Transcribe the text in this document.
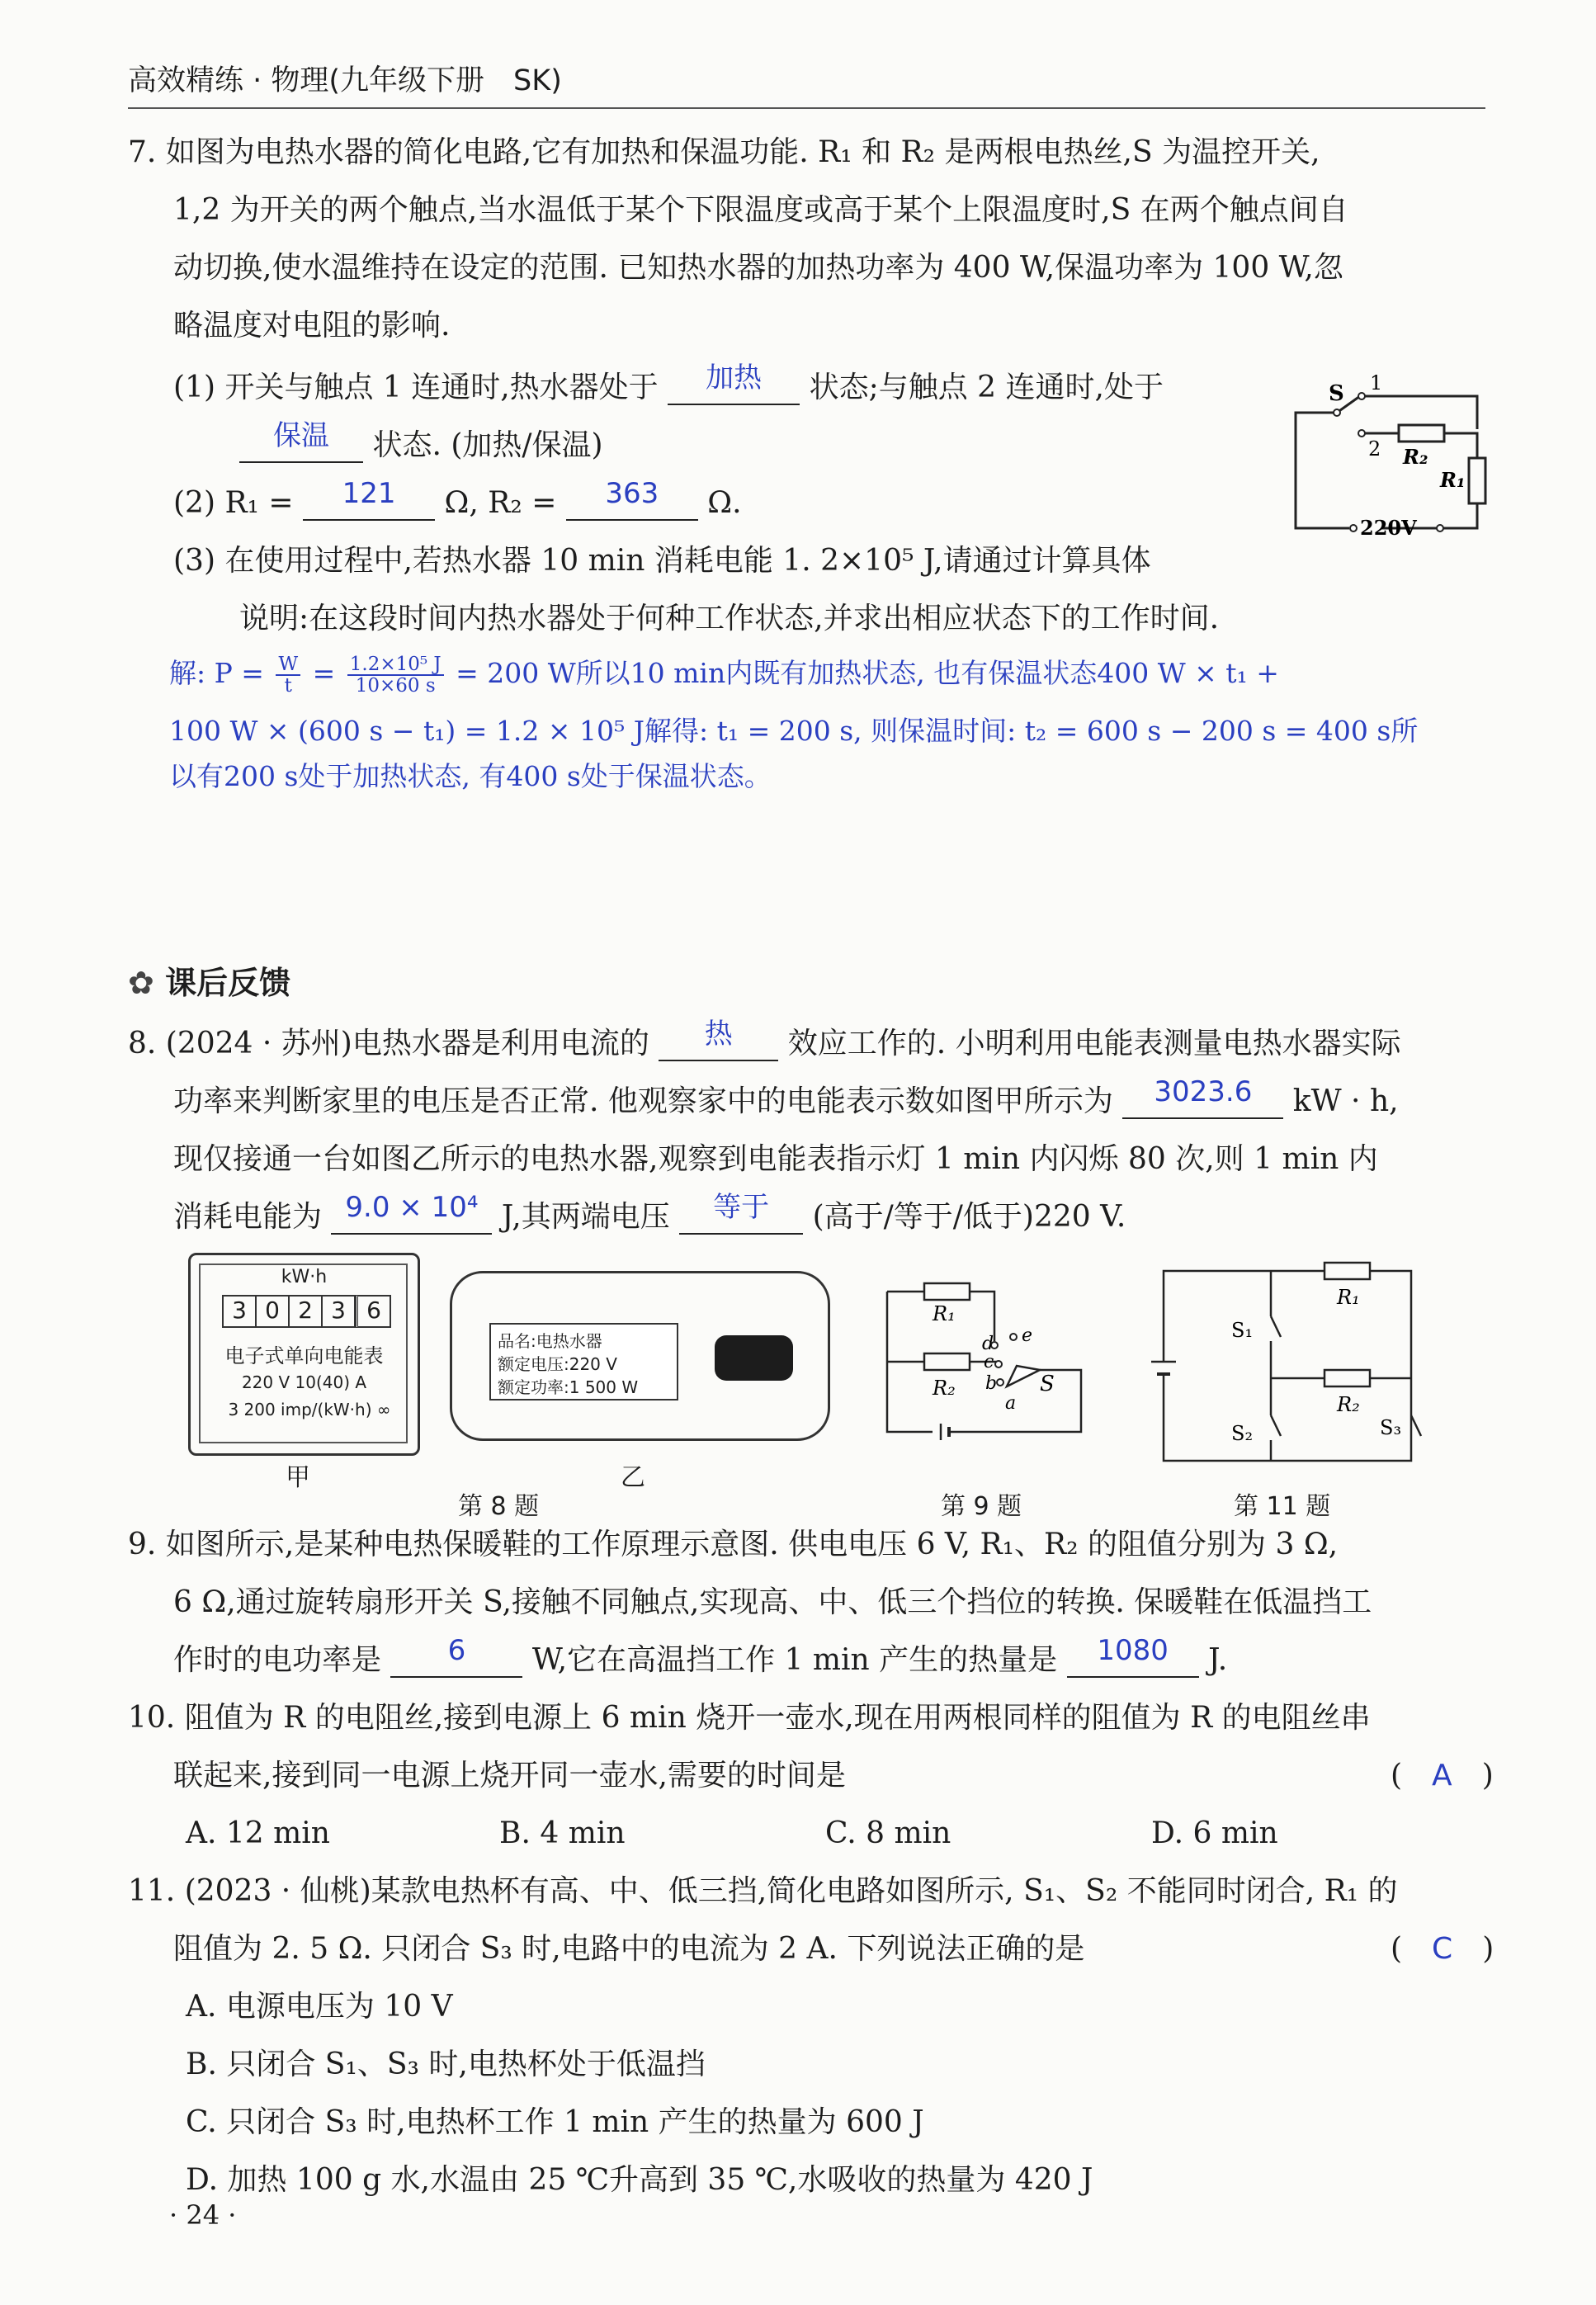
高效精练 · 物理(九年级下册　SK)
7. 如图为电热水器的简化电路,它有加热和保温功能. R₁ 和 R₂ 是两根电热丝,S 为温控开关,
1,2 为开关的两个触点,当水温低于某个下限温度或高于某个上限温度时,S 在两个触点间自
动切换,使水温维持在设定的范围. 已知热水器的加热功率为 400 W,保温功率为 100 W,忽
略温度对电阻的影响.
(1) 开关与触点 1 连通时,热水器处于 加热 状态;与触点 2 连通时,处于
保温 状态. (加热/保温)
(2) R₁ = 121 Ω, R₂ = 363 Ω.
(3) 在使用过程中,若热水器 10 min 消耗电能 1. 2×10⁵ J,请通过计算具体
说明:在这段时间内热水器处于何种工作状态,并求出相应状态下的工作时间.
S 1
2 R₂
R₁
220V
解: $P = \frac{W}{t} = \frac{\text{1.2×10⁵ J}}{10\times 60 s} = 200$ W所以10 min内既有加热状态, 也有保温状态400 W × t₁ +
100 W × (600 s − t₁) = 1.2 × 10⁵ J解得: t₁ = 200 s, 则保温时间: t₂ = 600 s − 200 s = 400 s所
以有200 s处于加热状态, 有400 s处于保温状态。
✿ 课后反馈
8. (2024 · 苏州)电热水器是利用电流的 热 效应工作的. 小明利用电能表测量电热水器实际
功率来判断家里的电压是否正常. 他观察家中的电能表示数如图甲所示为 3023.6 kW · h,
现仅接通一台如图乙所示的电热水器,观察到电能表指示灯 1 min 内闪烁 80 次,则 1 min 内
消耗电能为 9.0 × 10⁴ J,其两端电压 等于 (高于/等于/低于)220 V.
kW·h
3 0 2 3 6
电子式单向电能表
220 V 10(40) A
3 200 imp/(kW·h) ∞
甲
品名:电热水器
额定电压:220 V
额定功率:1 500 W
第 8 题
乙
R₁
R₂
d e
c
b
a
S
第 9 题
R₁
R₂
S₁
S₂	S₃
第 11 题
9. 如图所示,是某种电热保暖鞋的工作原理示意图. 供电电压 6 V, R₁、R₂ 的阻值分别为 3 Ω,
6 Ω,通过旋转扇形开关 S,接触不同触点,实现高、中、低三个挡位的转换. 保暖鞋在低温挡工
作时的电功率是 6 W,它在高温挡工作 1 min 产生的热量是 1080 J.
10. 阻值为 R 的电阻丝,接到电源上 6 min 烧开一壶水,现在用两根同样的阻值为 R 的电阻丝串
联起来,接到同一电源上烧开同一壶水,需要的时间是	(　A　)
A. 12 min	B. 4 min	C. 8 min	D. 6 min
11. (2023 · 仙桃)某款电热杯有高、中、低三挡,简化电路如图所示, S₁、S₂ 不能同时闭合, R₁ 的
阻值为 2. 5 Ω. 只闭合 S₃ 时,电路中的电流为 2 A. 下列说法正确的是	(　C　)
A. 电源电压为 10 V
B. 只闭合 S₁、S₃ 时,电热杯处于低温挡
C. 只闭合 S₃ 时,电热杯工作 1 min 产生的热量为 600 J
D. 加热 100 g 水,水温由 25 ℃升高到 35 ℃,水吸收的热量为 420 J
· 24 ·
